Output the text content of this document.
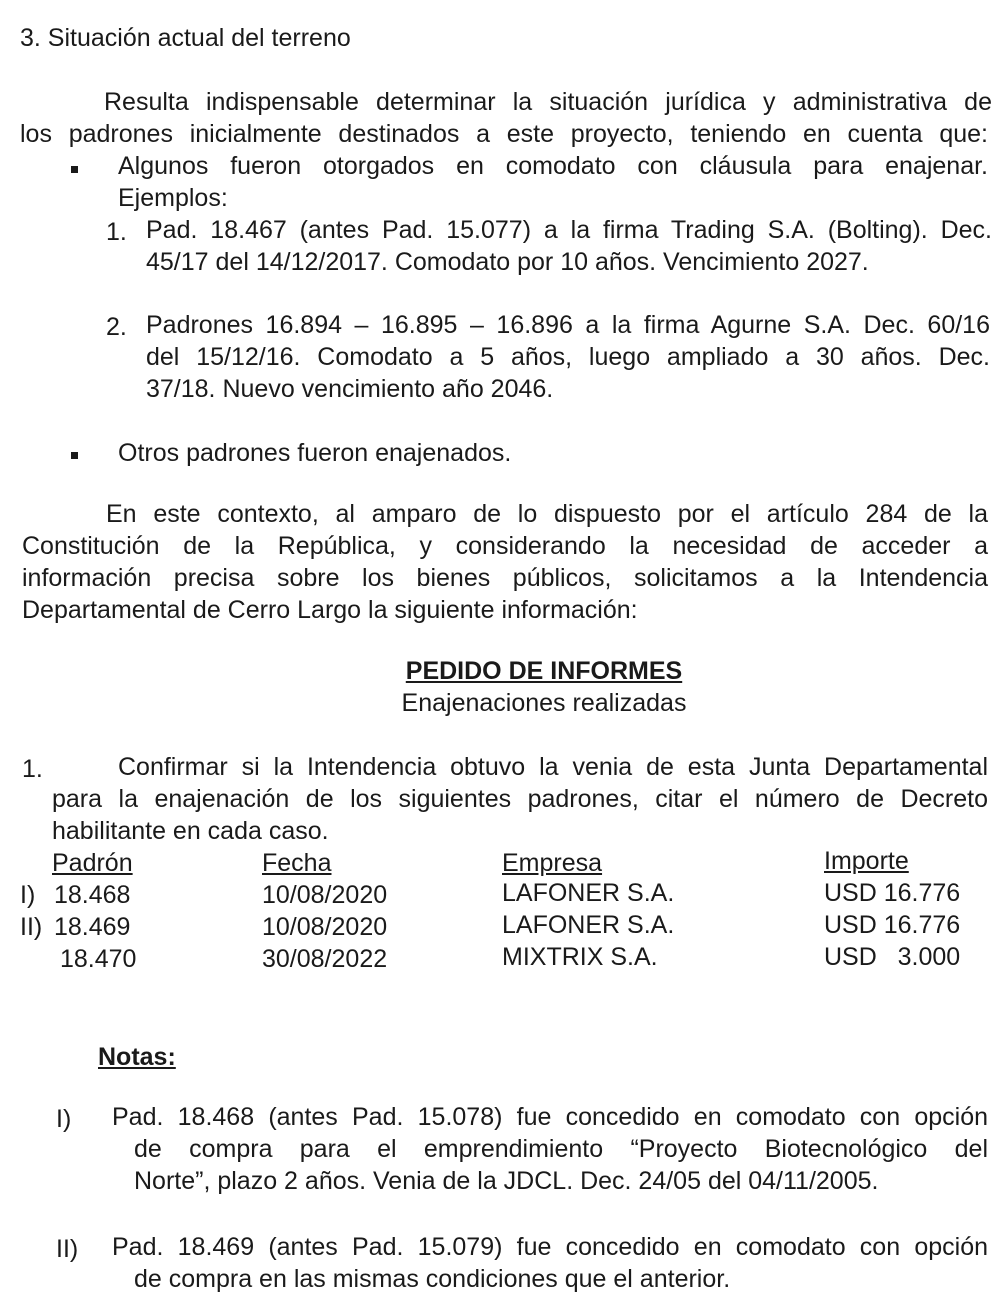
3. Situación actual del terreno
Resulta indispensable determinar la situación jurídica y administrativa de
los padrones inicialmente destinados a este proyecto, teniendo en cuenta que:
Algunos fueron otorgados en comodato con cláusula para enajenar.
Ejemplos:
1. Pad. 18.467 (antes Pad. 15.077) a la firma Trading S.A. (Bolting). Dec.
45/17 del 14/12/2017. Comodato por 10 años. Vencimiento 2027.
2. Padrones 16.894 – 16.895 – 16.896 a la firma Agurne S.A. Dec. 60/16
del 15/12/16. Comodato a 5 años, luego ampliado a 30 años. Dec.
37/18. Nuevo vencimiento año 2046.
Otros padrones fueron enajenados.
En este contexto, al amparo de lo dispuesto por el artículo 284 de la
Constitución de la República, y considerando la necesidad de acceder a
información precisa sobre los bienes públicos, solicitamos a la Intendencia
Departamental de Cerro Largo la siguiente información:
PEDIDO DE INFORMES
Enajenaciones realizadas
1.	Confirmar si la Intendencia obtuvo la venia de esta Junta Departamental
para la enajenación de los siguientes padrones, citar el número de Decreto
habilitante en cada caso.
Padrón	Fecha	Empresa	Importe
I) 18.468	10/08/2020	LAFONER S.A.	USD 16.776
II) 18.469	10/08/2020	LAFONER S.A.	USD 16.776
18.470	30/08/2022	MIXTRIX S.A.	USD   3.000
Notas:
I) Pad. 18.468 (antes Pad. 15.078) fue concedido en comodato con opción
de compra para el emprendimiento “Proyecto Biotecnológico del
Norte”, plazo 2 años. Venia de la JDCL. Dec. 24/05 del 04/11/2005.
II) Pad. 18.469 (antes Pad. 15.079) fue concedido en comodato con opción
de compra en las mismas condiciones que el anterior.
